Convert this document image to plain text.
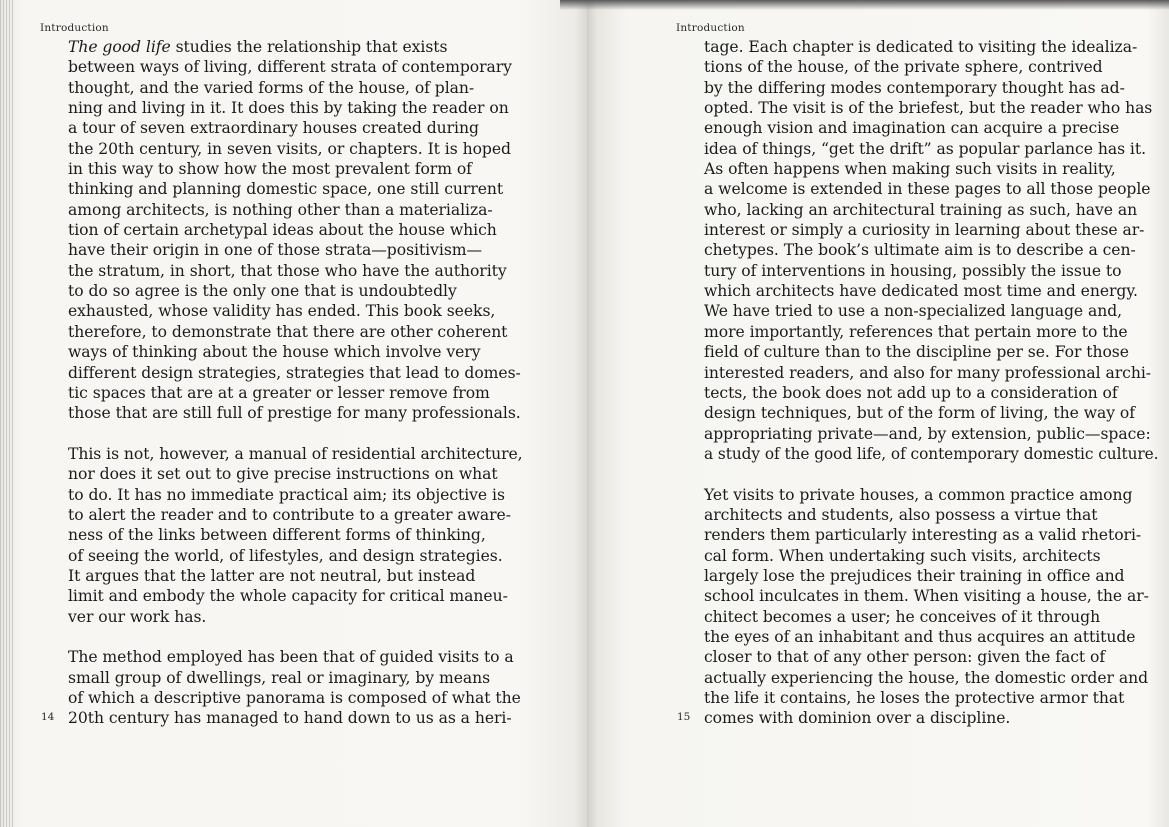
Introduction
The good life studies the relationship that exists
between ways of living, different strata of contemporary
thought, and the varied forms of the house, of plan-
ning and living in it. It does this by taking the reader on
a tour of seven extraordinary houses created during
the 20th century, in seven visits, or chapters. It is hoped
in this way to show how the most prevalent form of
thinking and planning domestic space, one still current
among architects, is nothing other than a materializa-
tion of certain archetypal ideas about the house which
have their origin in one of those strata—positivism—
the stratum, in short, that those who have the authority
to do so agree is the only one that is undoubtedly
exhausted, whose validity has ended. This book seeks,
therefore, to demonstrate that there are other coherent
ways of thinking about the house which involve very
different design strategies, strategies that lead to domes-
tic spaces that are at a greater or lesser remove from
those that are still full of prestige for many professionals.
This is not, however, a manual of residential architecture,
nor does it set out to give precise instructions on what
to do. It has no immediate practical aim; its objective is
to alert the reader and to contribute to a greater aware-
ness of the links between different forms of thinking,
of seeing the world, of lifestyles, and design strategies.
It argues that the latter are not neutral, but instead
limit and embody the whole capacity for critical maneu-
ver our work has.
The method employed has been that of guided visits to a
small group of dwellings, real or imaginary, by means
of which a descriptive panorama is composed of what the
20th century has managed to hand down to us as a heri-
14
Introduction
tage. Each chapter is dedicated to visiting the idealiza-
tions of the house, of the private sphere, contrived
by the differing modes contemporary thought has ad-
opted. The visit is of the briefest, but the reader who has
enough vision and imagination can acquire a precise
idea of things, “get the drift” as popular parlance has it.
As often happens when making such visits in reality,
a welcome is extended in these pages to all those people
who, lacking an architectural training as such, have an
interest or simply a curiosity in learning about these ar-
chetypes. The book’s ultimate aim is to describe a cen-
tury of interventions in housing, possibly the issue to
which architects have dedicated most time and energy.
We have tried to use a non-specialized language and,
more importantly, references that pertain more to the
field of culture than to the discipline per se. For those
interested readers, and also for many professional archi-
tects, the book does not add up to a consideration of
design techniques, but of the form of living, the way of
appropriating private—and, by extension, public—space:
a study of the good life, of contemporary domestic culture.
Yet visits to private houses, a common practice among
architects and students, also possess a virtue that
renders them particularly interesting as a valid rhetori-
cal form. When undertaking such visits, architects
largely lose the prejudices their training in office and
school inculcates in them. When visiting a house, the ar-
chitect becomes a user; he conceives of it through
the eyes of an inhabitant and thus acquires an attitude
closer to that of any other person: given the fact of
actually experiencing the house, the domestic order and
the life it contains, he loses the protective armor that
comes with dominion over a discipline.
15
